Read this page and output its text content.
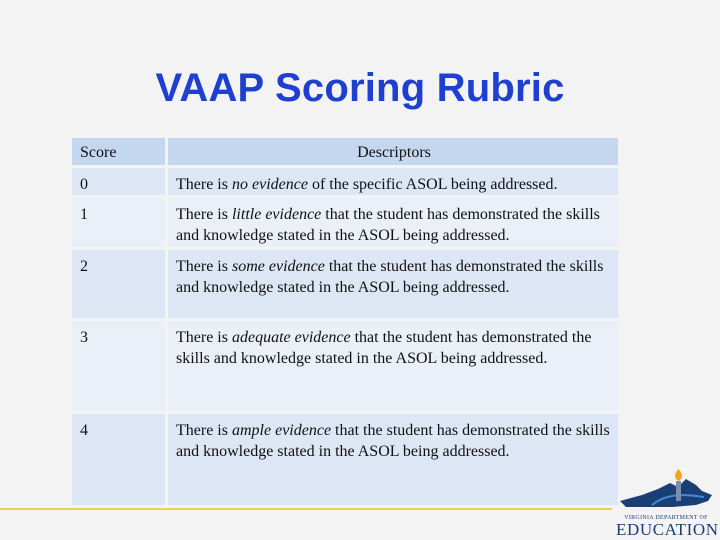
VAAP Scoring Rubric
Score	Descriptors
0	There is no evidence of the specific ASOL being addressed.
1	There is little evidence that the student has demonstrated the skills and knowledge stated in the ASOL being addressed.
2	There is some evidence that the student has demonstrated the skills and knowledge stated in the ASOL being addressed.
3	There is adequate evidence that the student has demonstrated the skills and knowledge stated in the ASOL being addressed.
4	There is ample evidence that the student has demonstrated the skills and knowledge stated in the ASOL being addressed.
VIRGINIA DEPARTMENT OF
EDUCATION
